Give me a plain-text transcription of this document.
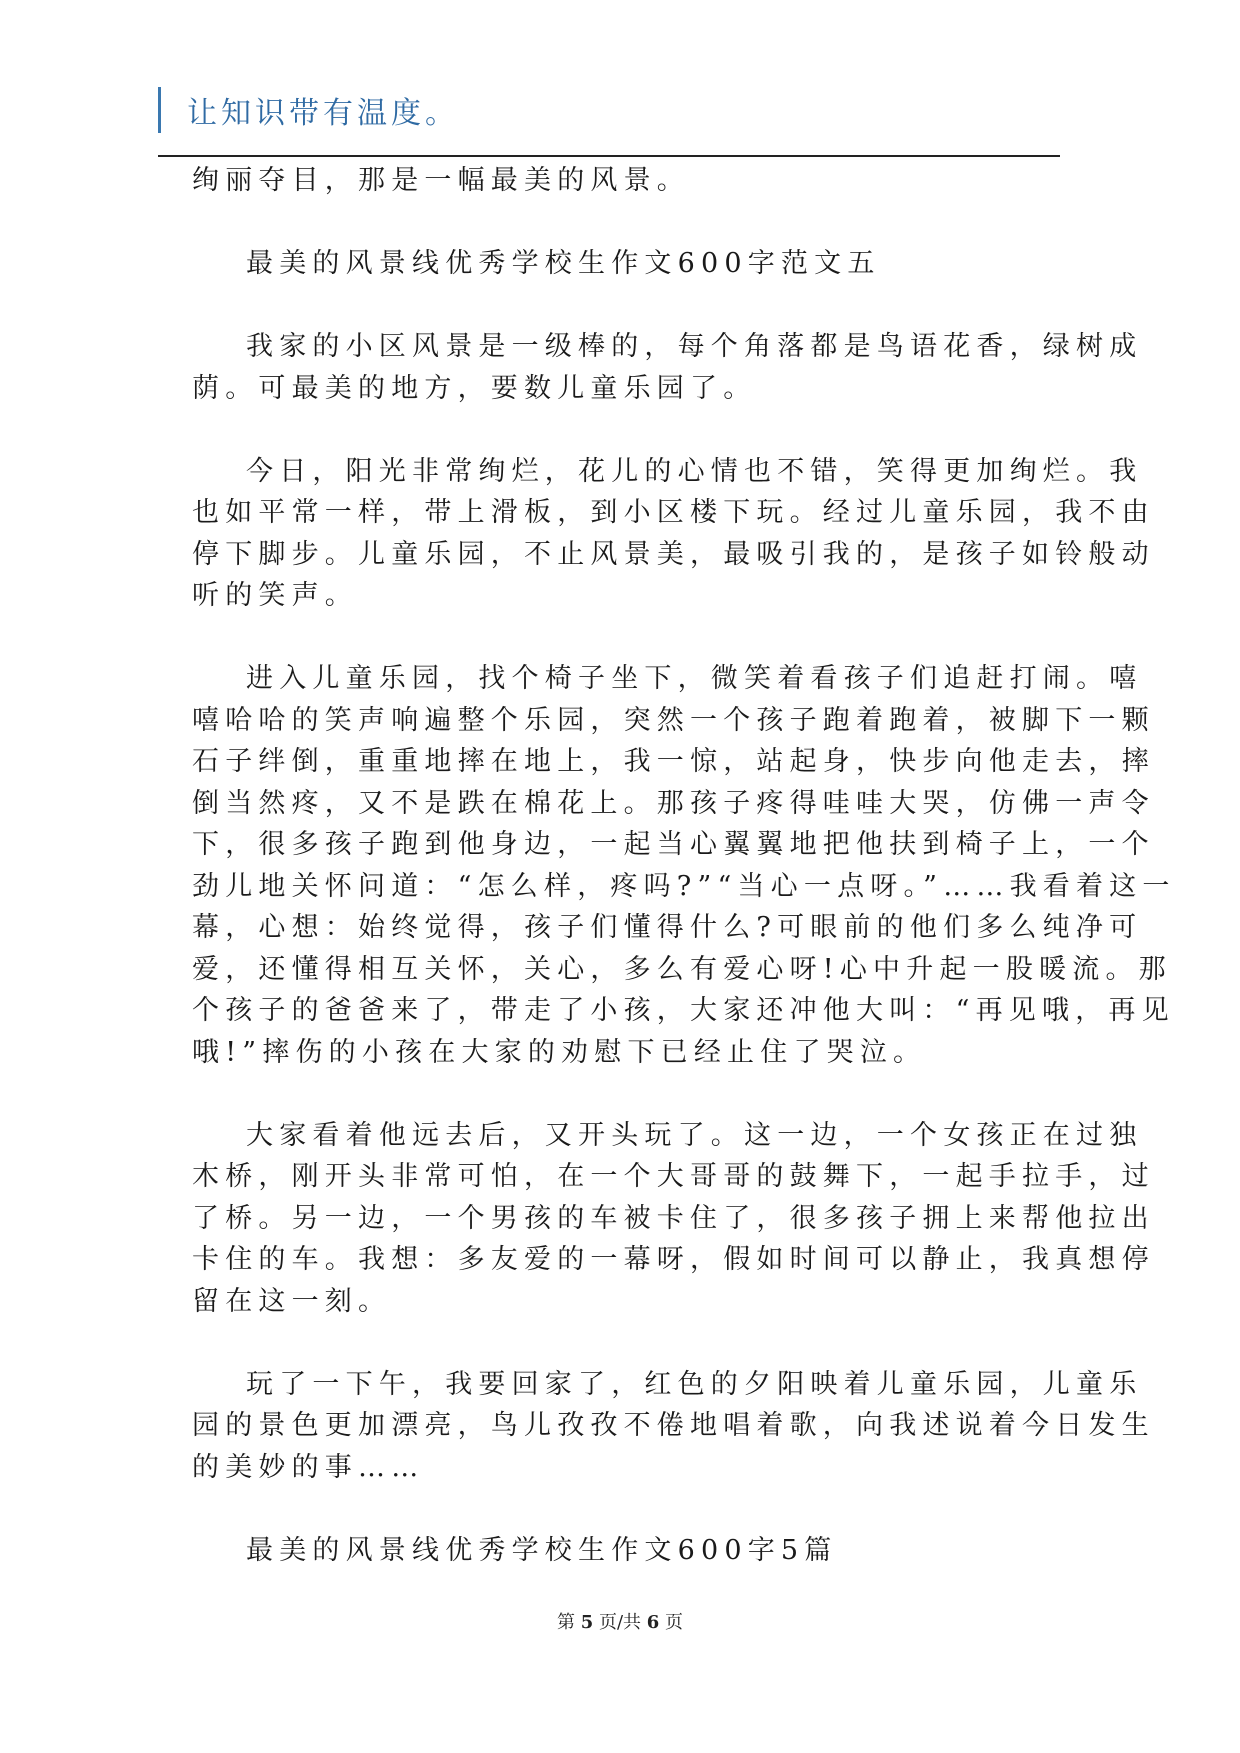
让知识带有温度。
绚丽夺目，那是一幅最美的风景。
最美的风景线优秀学校生作文600字范文五
我家的小区风景是一级棒的，每个角落都是鸟语花香，绿树成
荫。可最美的地方，要数儿童乐园了。
今日，阳光非常绚烂，花儿的心情也不错，笑得更加绚烂。我
也如平常一样，带上滑板，到小区楼下玩。经过儿童乐园，我不由
停下脚步。儿童乐园，不止风景美，最吸引我的，是孩子如铃般动
听的笑声。
进入儿童乐园，找个椅子坐下，微笑着看孩子们追赶打闹。嘻
嘻哈哈的笑声响遍整个乐园，突然一个孩子跑着跑着，被脚下一颗
石子绊倒，重重地摔在地上，我一惊，站起身，快步向他走去，摔
倒当然疼，又不是跌在棉花上。那孩子疼得哇哇大哭，仿佛一声令
下，很多孩子跑到他身边，一起当心翼翼地把他扶到椅子上，一个
劲儿地关怀问道：“怎么样，疼吗?”“当心一点呀。”……我看着这一
幕，心想：始终觉得，孩子们懂得什么?可眼前的他们多么纯净可
爱，还懂得相互关怀，关心，多么有爱心呀!心中升起一股暖流。那
个孩子的爸爸来了，带走了小孩，大家还冲他大叫：“再见哦，再见
哦!”摔伤的小孩在大家的劝慰下已经止住了哭泣。
大家看着他远去后，又开头玩了。这一边，一个女孩正在过独
木桥，刚开头非常可怕，在一个大哥哥的鼓舞下，一起手拉手，过
了桥。另一边，一个男孩的车被卡住了，很多孩子拥上来帮他拉出
卡住的车。我想：多友爱的一幕呀，假如时间可以静止，我真想停
留在这一刻。
玩了一下午，我要回家了，红色的夕阳映着儿童乐园，儿童乐
园的景色更加漂亮，鸟儿孜孜不倦地唱着歌，向我述说着今日发生
的美妙的事……
最美的风景线优秀学校生作文600字5篇
第 5 页/共 6 页
